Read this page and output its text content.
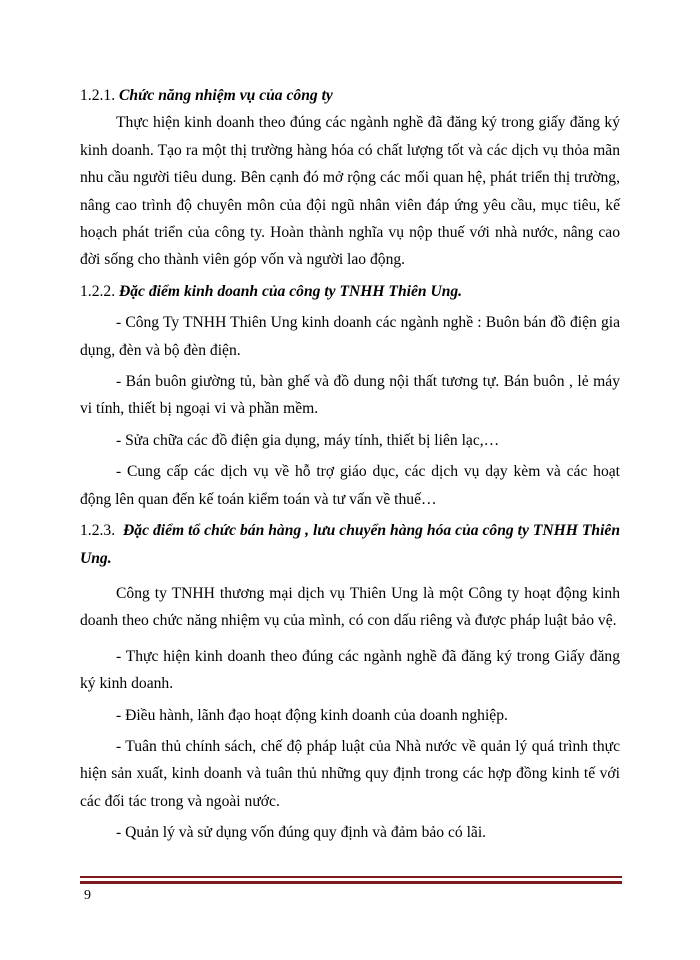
1.2.1. Chức năng nhiệm vụ của công ty

Thực hiện kinh doanh theo đúng các ngành nghề đã đăng ký trong giấy đăng ký kinh doanh. Tạo ra một thị trường hàng hóa có chất lượng tốt và các dịch vụ thỏa mãn nhu cầu người tiêu dung. Bên cạnh đó mở rộng các mối quan hệ, phát triển thị trường, nâng cao trình độ chuyên môn của đội ngũ nhân viên đáp ứng yêu cầu, mục tiêu, kế hoạch phát triển của công ty. Hoàn thành nghĩa vụ nộp thuế với nhà nước, nâng cao đời sống cho thành viên góp vốn và người lao động.

1.2.2. Đặc điểm kinh doanh của công ty TNHH Thiên Ung.

- Công Ty TNHH Thiên Ung kinh doanh các ngành nghề : Buôn bán đồ điện gia dụng, đèn và bộ đèn điện.

- Bán buôn giường tủ, bàn ghế và đồ dung nội thất tương tự. Bán buôn , lẻ máy vi tính, thiết bị ngoại vi và phần mềm.

- Sửa chữa các đồ điện gia dụng, máy tính, thiết bị liên lạc,…

- Cung cấp các dịch vụ về hỗ trợ giáo dục, các dịch vụ dạy kèm và các hoạt động lên quan đến kế toán kiểm toán và tư vấn về thuế…

1.2.3. Đặc điểm tổ chức bán hàng , lưu chuyển hàng hóa của công ty TNHH Thiên Ung.

Công ty TNHH thương mại dịch vụ Thiên Ung là một Công ty hoạt động kinh doanh theo chức năng nhiệm vụ của mình, có con dấu riêng và được pháp luật bảo vệ.

- Thực hiện kinh doanh theo đúng các ngành nghề đã đăng ký trong Giấy đăng ký kinh doanh.

- Điều hành, lãnh đạo hoạt động kinh doanh của doanh nghiệp.

- Tuân thủ chính sách, chế độ pháp luật của Nhà nước về quản lý quá trình thực hiện sản xuất, kinh doanh và tuân thủ những quy định trong các hợp đồng kinh tế với các đối tác trong và ngoài nước.

- Quản lý và sử dụng vốn đúng quy định và đảm bảo có lãi.

9
